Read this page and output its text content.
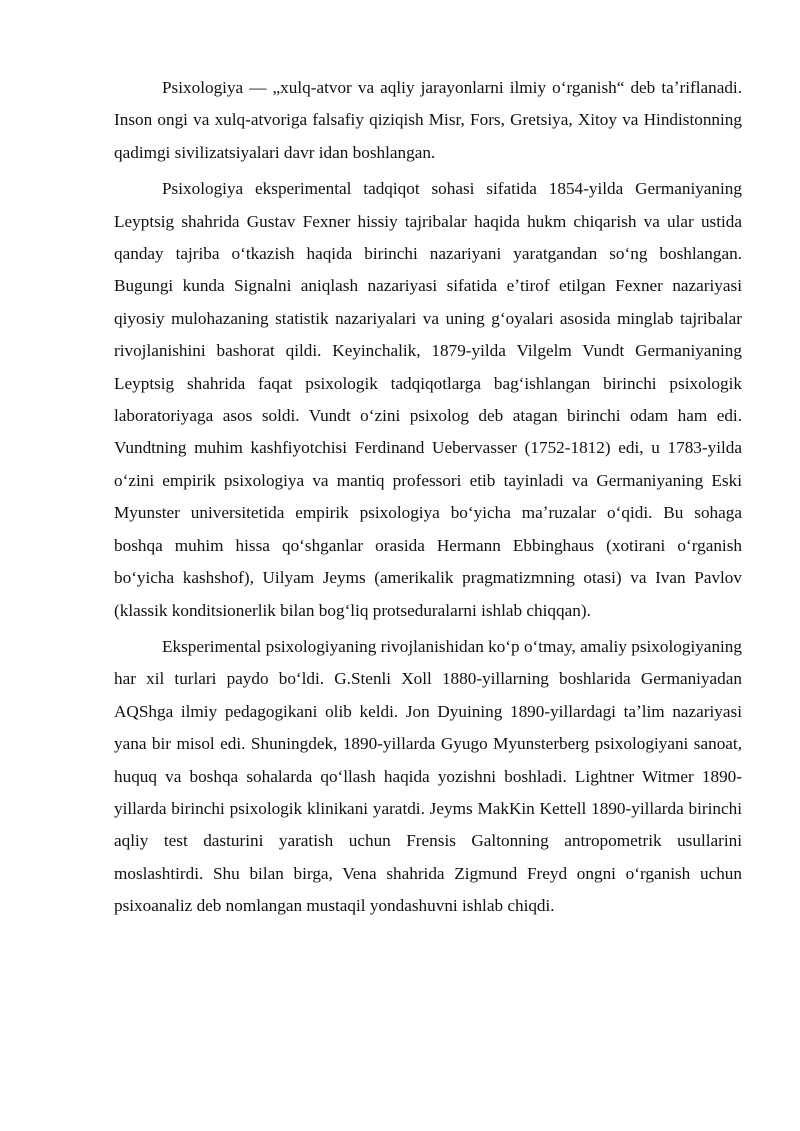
Psixologiya — „xulq-atvor va aqliy jarayonlarni ilmiy oʻrganish“ deb taʼriflanadi. Inson ongi va xulq-atvoriga falsafiy qiziqish Misr, Fors, Gretsiya, Xitoy va Hindistonning qadimgi sivilizatsiyalari davr idan boshlangan.

Psixologiya eksperimental tadqiqot sohasi sifatida 1854-yilda Germaniyaning Leyptsig shahrida Gustav Fexner hissiy tajribalar haqida hukm chiqarish va ular ustida qanday tajriba oʻtkazish haqida birinchi nazariyani yaratgandan soʻng boshlangan. Bugungi kunda Signalni aniqlash nazariyasi sifatida eʼtirof etilgan Fexner nazariyasi qiyosiy mulohazaning statistik nazariyalari va uning gʻoyalari asosida minglab tajribalar rivojlanishini bashorat qildi. Keyinchalik, 1879-yilda Vilgelm Vundt Germaniyaning Leyptsig shahrida faqat psixologik tadqiqotlarga bagʻishlangan birinchi psixologik laboratoriyaga asos soldi. Vundt oʻzini psixolog deb atagan birinchi odam ham edi. Vundtning muhim kashfiyotchisi Ferdinand Uebervasser (1752-1812) edi, u 1783-yilda oʻzini empirik psixologiya va mantiq professori etib tayinladi va Germaniyaning Eski Myunster universitetida empirik psixologiya boʻyicha maʼruzalar oʻqidi. Bu sohaga boshqa muhim hissa qoʻshganlar orasida Hermann Ebbinghaus (xotirani oʻrganish boʻyicha kashshof), Uilyam Jeyms (amerikalik pragmatizmning otasi) va Ivan Pavlov (klassik konditsionerlik bilan bogʻliq protseduralarni ishlab chiqqan).

Eksperimental psixologiyaning rivojlanishidan koʻp oʻtmay, amaliy psixologiyaning har xil turlari paydo boʻldi. G.Stenli Xoll 1880-yillarning boshlarida Germaniyadan AQShga ilmiy pedagogikani olib keldi. Jon Dyuining 1890-yillardagi taʼlim nazariyasi yana bir misol edi. Shuningdek, 1890-yillarda Gyugo Myunsterberg psixologiyani sanoat, huquq va boshqa sohalarda qoʻllash haqida yozishni boshladi. Lightner Witmer 1890-yillarda birinchi psixologik klinikani yaratdi. Jeyms MakKin Kettell 1890-yillarda birinchi aqliy test dasturini yaratish uchun Frensis Galtonning antropometrik usullarini moslashtirdi. Shu bilan birga, Vena shahrida Zigmund Freyd ongni oʻrganish uchun psixoanaliz deb nomlangan mustaqil yondashuvni ishlab chiqdi.
